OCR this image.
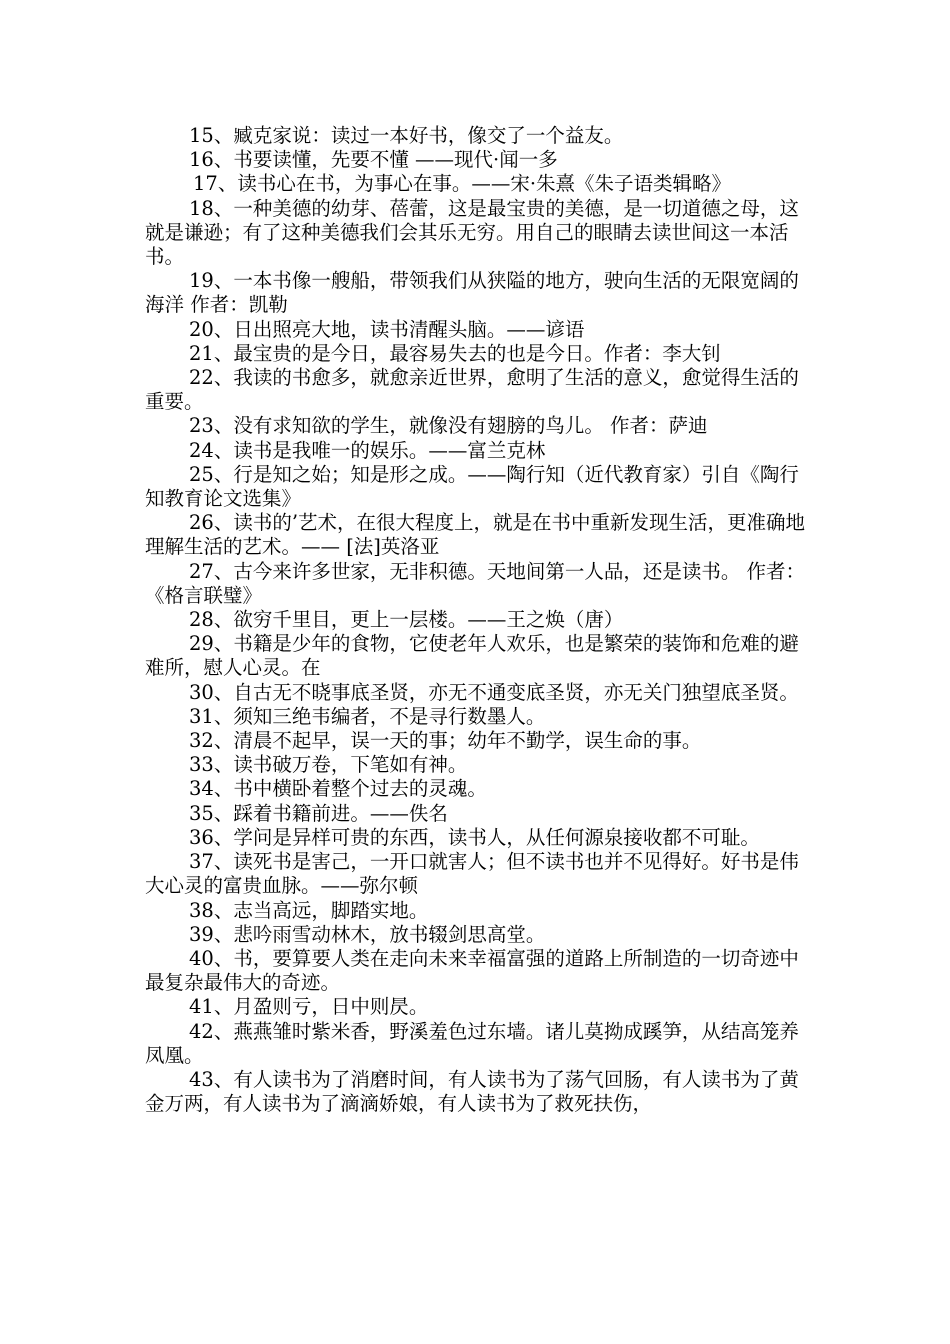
15、臧克家说：读过一本好书，像交了一个益友。

16、书要读懂，先要不懂 ——现代·闻一多

17、读书心在书，为事心在事。——宋·朱熹《朱子语类辑略》

18、一种美德的幼芽、蓓蕾，这是最宝贵的美德，是一切道德之母，这就是谦逊；有了这种美德我们会其乐无穷。用自己的眼睛去读世间这一本活书。

19、一本书像一艘船，带领我们从狭隘的地方，驶向生活的无限宽阔的海洋 作者：凯勒

20、日出照亮大地，读书清醒头脑。——谚语

21、最宝贵的是今日，最容易失去的也是今日。作者：李大钊

22、我读的书愈多，就愈亲近世界，愈明了生活的意义，愈觉得生活的重要。

23、没有求知欲的学生，就像没有翅膀的鸟儿。 作者：萨迪

24、读书是我唯一的娱乐。——富兰克林

25、行是知之始；知是形之成。——陶行知（近代教育家）引自《陶行知教育论文选集》

26、读书的’艺术，在很大程度上，就是在书中重新发现生活，更准确地理解生活的艺术。—— [法]英洛亚

27、古今来许多世家，无非积德。天地间第一人品，还是读书。 作者：《格言联璧》

28、欲穷千里目，更上一层楼。——王之焕（唐）

29、书籍是少年的食物，它使老年人欢乐，也是繁荣的装饰和危难的避难所，慰人心灵。在

30、自古无不晓事底圣贤，亦无不通变底圣贤，亦无关门独望底圣贤。

31、须知三绝韦编者，不是寻行数墨人。

32、清晨不起早，误一天的事；幼年不勤学，误生命的事。

33、读书破万卷，下笔如有神。

34、书中横卧着整个过去的灵魂。

35、踩着书籍前进。——佚名

36、学问是异样可贵的东西，读书人，从任何源泉接收都不可耻。

37、读死书是害己，一开口就害人；但不读书也并不见得好。好书是伟大心灵的富贵血脉。——弥尔顿

38、志当高远，脚踏实地。

39、悲吟雨雪动林木，放书辍剑思高堂。

40、书，要算要人类在走向未来幸福富强的道路上所制造的一切奇迹中最复杂最伟大的奇迹。

41、月盈则亏，日中则昃。

42、燕燕雏时紫米香，野溪羞色过东墙。诸儿莫拗成蹊笋，从结高笼养凤凰。

43、有人读书为了消磨时间，有人读书为了荡气回肠，有人读书为了黄金万两，有人读书为了滴滴娇娘，有人读书为了救死扶伤，
